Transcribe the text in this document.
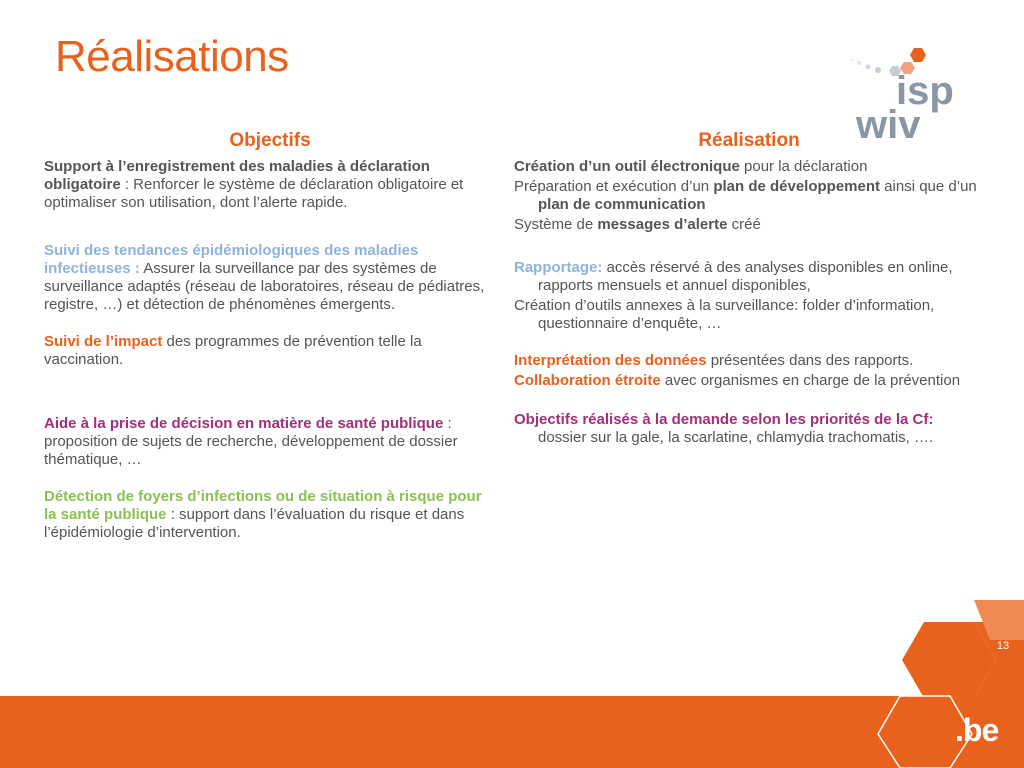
Réalisations
isp
wiv
Objectifs

Support à l’enregistrement des maladies à déclaration obligatoire : Renforcer le système de déclaration obligatoire et optimaliser son utilisation, dont l’alerte rapide.

Suivi des tendances épidémiologiques des maladies infectieuses : Assurer la surveillance par des systèmes de surveillance adaptés (réseau de laboratoires, réseau de pédiatres, registre, …) et détection de phénomènes émergents.

Suivi de l’impact des programmes de prévention telle la vaccination.

Aide à la prise de décision en matière de santé publique : proposition de sujets de recherche, développement de dossier thématique, …

Détection de foyers d’infections ou de situation à risque pour la santé publique : support dans l’évaluation du risque et dans l’épidémiologie d’intervention.

Réalisation

Création d’un outil électronique pour la déclaration

Préparation et exécution d’un plan de développement ainsi que d’un plan de communication

Système de messages d’alerte créé

Rapportage: accès réservé à des analyses disponibles en online, rapports mensuels et annuel disponibles,

Création d’outils annexes à la surveillance: folder d’information, questionnaire d’enquête, …

Interprétation des données présentées dans des rapports.

Collaboration étroite avec organismes en charge de la prévention

Objectifs réalisés à la demande selon les priorités de la Cf: dossier sur la gale, la scarlatine, chlamydia trachomatis, ….

13
.be
